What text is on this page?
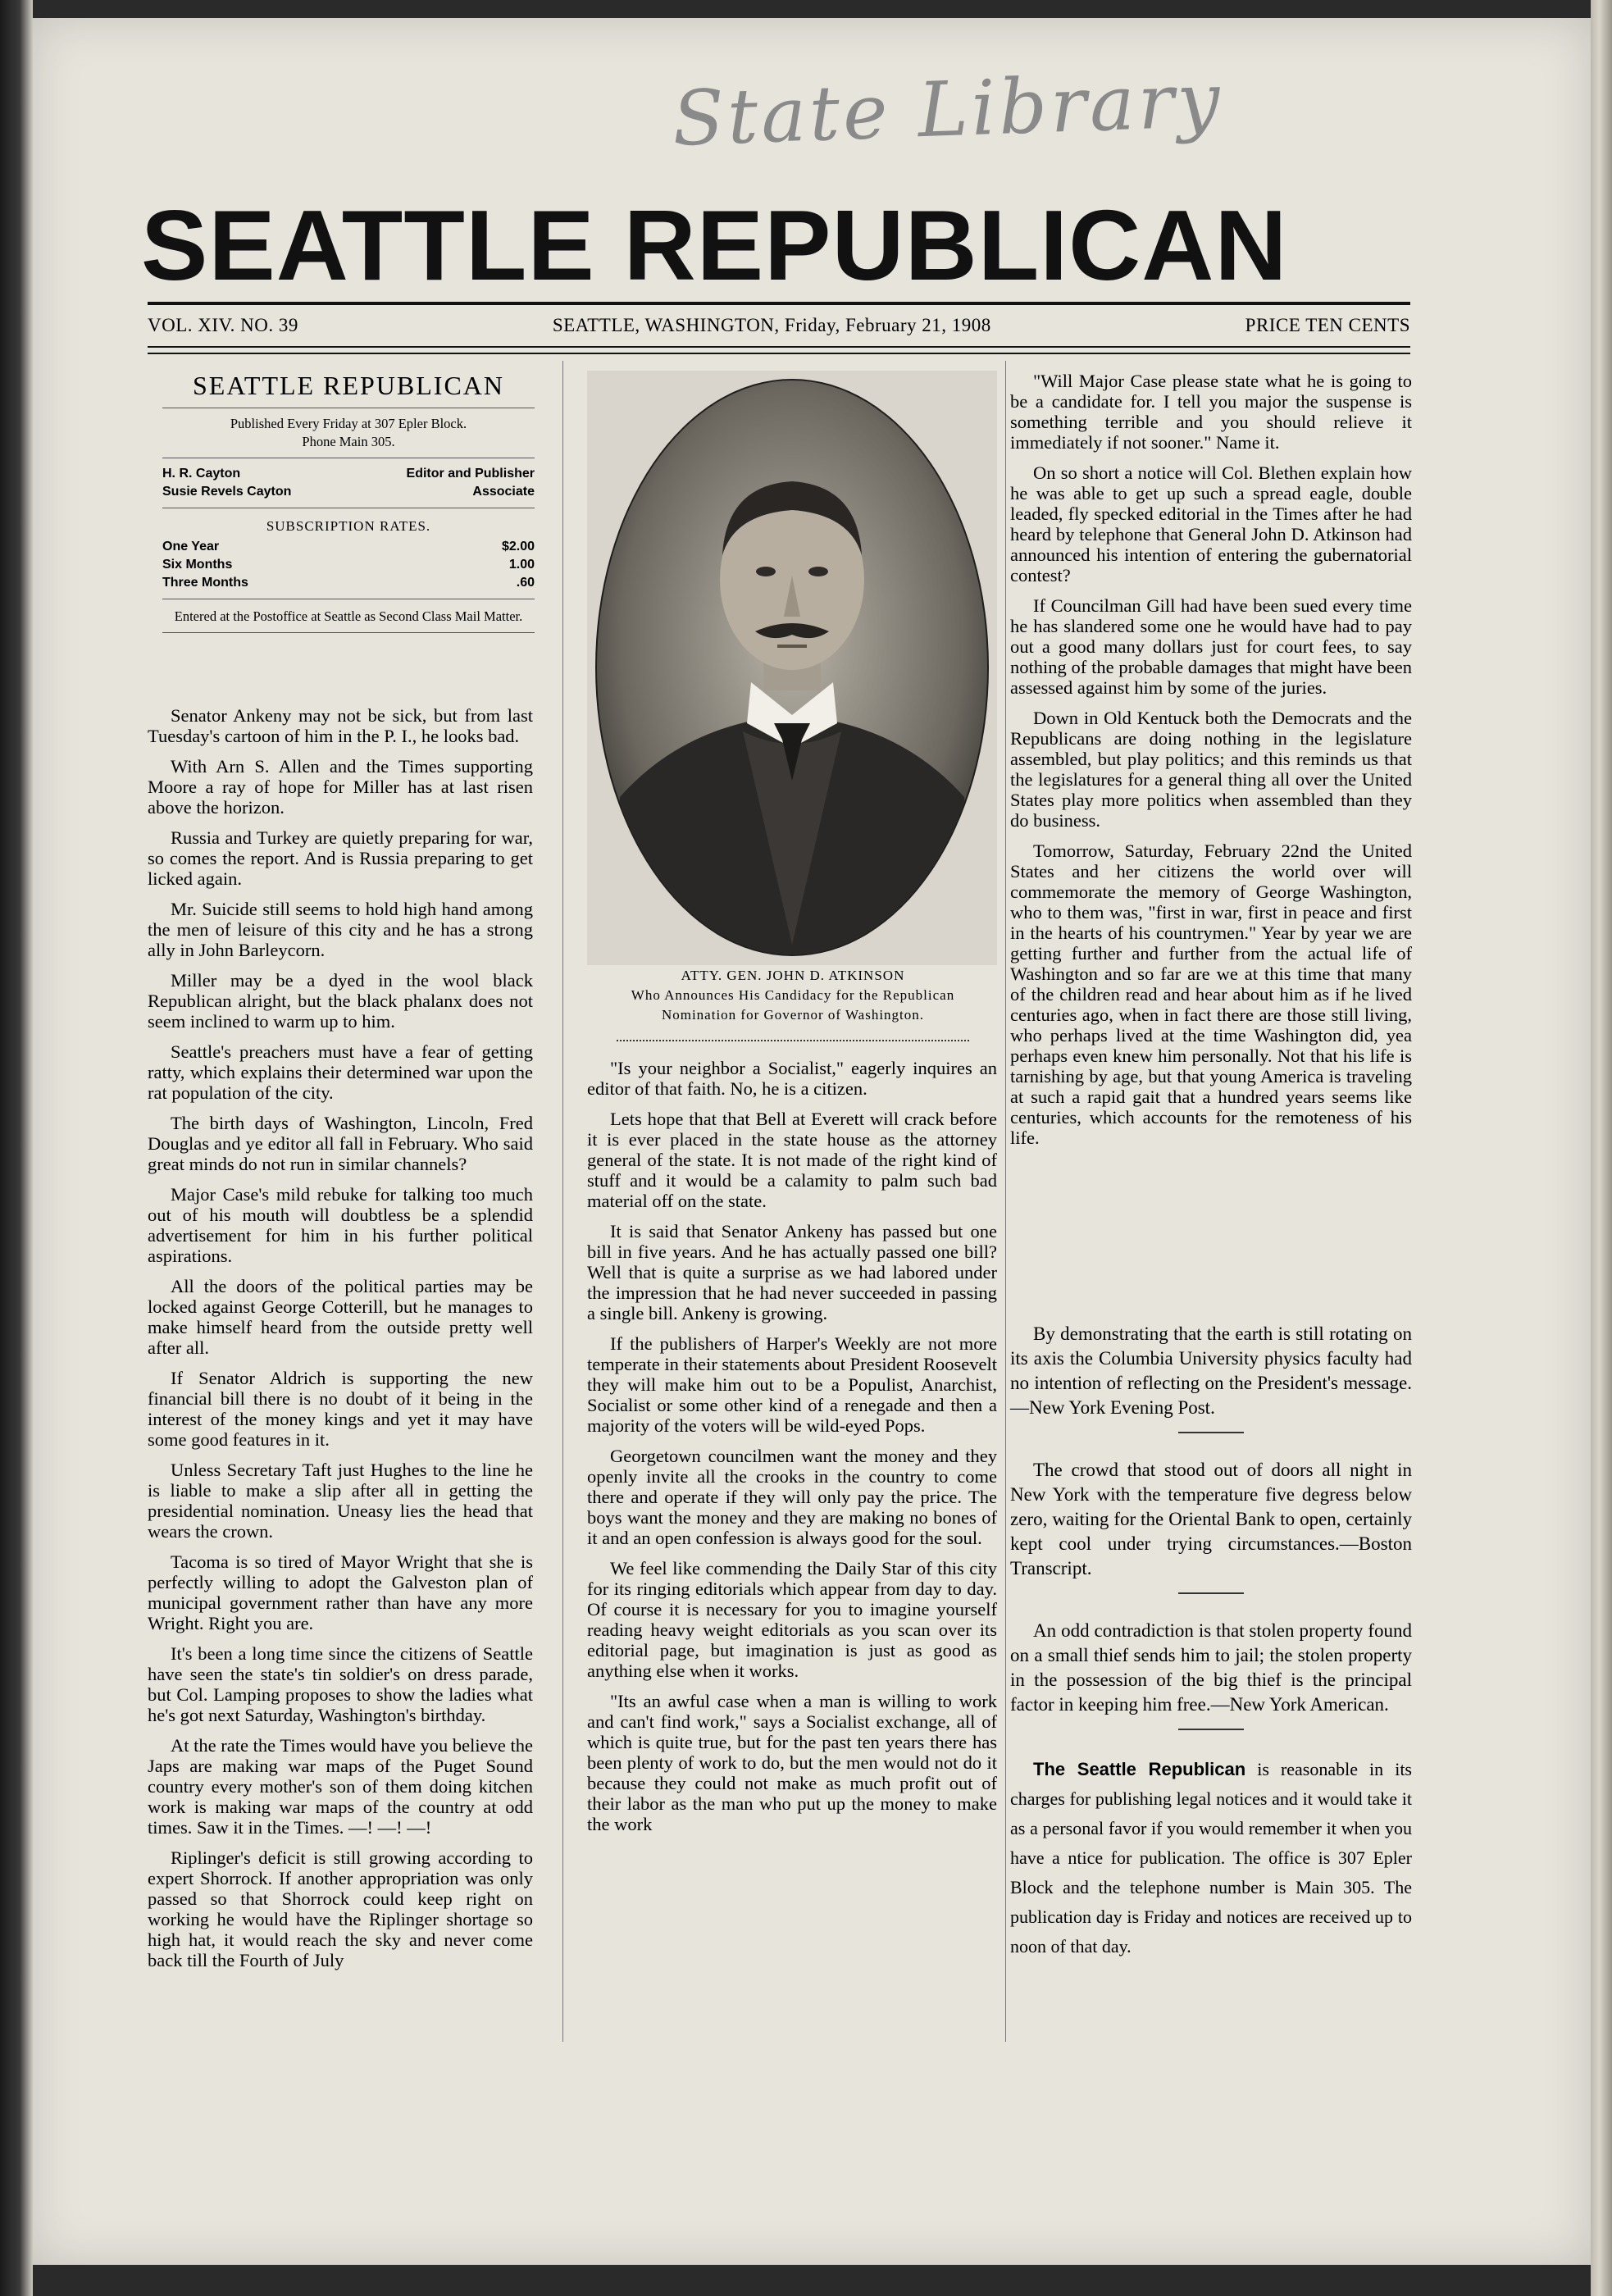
State Library
SEATTLE REPUBLICAN
VOL. XIV. NO. 39	SEATTLE, WASHINGTON, Friday, February 21, 1908	PRICE TEN CENTS
SEATTLE REPUBLICAN
Published Every Friday at 307 Epler Block.
Phone Main 305.
H. R. Cayton	Editor and Publisher
Susie Revels Cayton	Associate
SUBSCRIPTION RATES.
One Year	$2.00
Six Months	1.00
Three Months	.60
Entered at the Postoffice at Seattle as Second Class Mail Matter.

Senator Ankeny may not be sick, but from last Tuesday's cartoon of him in the P. I., he looks bad.

With Arn S. Allen and the Times supporting Moore a ray of hope for Miller has at last risen above the horizon.

Russia and Turkey are quietly preparing for war, so comes the report. And is Russia preparing to get licked again.

Mr. Suicide still seems to hold high hand among the men of leisure of this city and he has a strong ally in John Barleycorn.

Miller may be a dyed in the wool black Republican alright, but the black phalanx does not seem inclined to warm up to him.

Seattle's preachers must have a fear of getting ratty, which explains their determined war upon the rat population of the city.

The birth days of Washington, Lincoln, Fred Douglas and ye editor all fall in February. Who said great minds do not run in similar channels?

Major Case's mild rebuke for talking too much out of his mouth will doubtless be a splendid advertisement for him in his further political aspirations.

All the doors of the political parties may be locked against George Cotterill, but he manages to make himself heard from the outside pretty well after all.

If Senator Aldrich is supporting the new financial bill there is no doubt of it being in the interest of the money kings and yet it may have some good features in it.

Unless Secretary Taft just Hughes to the line he is liable to make a slip after all in getting the presidential nomination. Uneasy lies the head that wears the crown.

Tacoma is so tired of Mayor Wright that she is perfectly willing to adopt the Galveston plan of municipal government rather than have any more Wright. Right you are.

It's been a long time since the citizens of Seattle have seen the state's tin soldier's on dress parade, but Col. Lamping proposes to show the ladies what he's got next Saturday, Washington's birthday.

At the rate the Times would have you believe the Japs are making war maps of the Puget Sound country every mother's son of them doing kitchen work is making war maps of the country at odd times. Saw it in the Times. —! —! —!

Riplinger's deficit is still growing according to expert Shorrock. If another appropriation was only passed so that Shorrock could keep right on working he would have the Riplinger shortage so high hat, it would reach the sky and never come back till the Fourth of July

ATTY. GEN. JOHN D. ATKINSON
Who Announces His Candidacy for the Republican
Nomination for Governor of Washington.

"Is your neighbor a Socialist," eagerly inquires an editor of that faith. No, he is a citizen.

Lets hope that that Bell at Everett will crack before it is ever placed in the state house as the attorney general of the state. It is not made of the right kind of stuff and it would be a calamity to palm such bad material off on the state.

It is said that Senator Ankeny has passed but one bill in five years. And he has actually passed one bill? Well that is quite a surprise as we had labored under the impression that he had never succeeded in passing a single bill. Ankeny is growing.

If the publishers of Harper's Weekly are not more temperate in their statements about President Roosevelt they will make him out to be a Populist, Anarchist, Socialist or some other kind of a renegade and then a majority of the voters will be wild-eyed Pops.

Georgetown councilmen want the money and they openly invite all the crooks in the country to come there and operate if they will only pay the price. The boys want the money and they are making no bones of it and an open confession is always good for the soul.

We feel like commending the Daily Star of this city for its ringing editorials which appear from day to day. Of course it is necessary for you to imagine yourself reading heavy weight editorials as you scan over its editorial page, but imagination is just as good as anything else when it works.

"Its an awful case when a man is willing to work and can't find work," says a Socialist exchange, all of which is quite true, but for the past ten years there has been plenty of work to do, but the men would not do it because they could not make as much profit out of their labor as the man who put up the money to make the work

"Will Major Case please state what he is going to be a candidate for. I tell you major the suspense is something terrible and you should relieve it immediately if not sooner." Name it.

On so short a notice will Col. Blethen explain how he was able to get up such a spread eagle, double leaded, fly specked editorial in the Times after he had heard by telephone that General John D. Atkinson had announced his intention of entering the gubernatorial contest?

If Councilman Gill had have been sued every time he has slandered some one he would have had to pay out a good many dollars just for court fees, to say nothing of the probable damages that might have been assessed against him by some of the juries.

Down in Old Kentuck both the Democrats and the Republicans are doing nothing in the legislature assembled, but play politics; and this reminds us that the legislatures for a general thing all over the United States play more politics when assembled than they do business.

Tomorrow, Saturday, February 22nd the United States and her citizens the world over will commemorate the memory of George Washington, who to them was, "first in war, first in peace and first in the hearts of his countrymen." Year by year we are getting further and further from the actual life of Washington and so far are we at this time that many of the children read and hear about him as if he lived centuries ago, when in fact there are those still living, who perhaps lived at the time Washington did, yea perhaps even knew him personally. Not that his life is tarnishing by age, but that young America is traveling at such a rapid gait that a hundred years seems like centuries, which accounts for the remoteness of his life.

By demonstrating that the earth is still rotating on its axis the Columbia University physics faculty had no intention of reflecting on the President's message. —New York Evening Post.

The crowd that stood out of doors all night in New York with the temperature five degress below zero, waiting for the Oriental Bank to open, certainly kept cool under trying circumstances.—Boston Transcript.

An odd contradiction is that stolen property found on a small thief sends him to jail; the stolen property in the possession of the big thief is the principal factor in keeping him free.—New York American.

The Seattle Republican is reasonable in its charges for publishing legal notices and it would take it as a personal favor if you would remember it when you have a ntice for publication. The office is 307 Epler Block and the telephone number is Main 305. The publication day is Friday and notices are received up to noon of that day.
